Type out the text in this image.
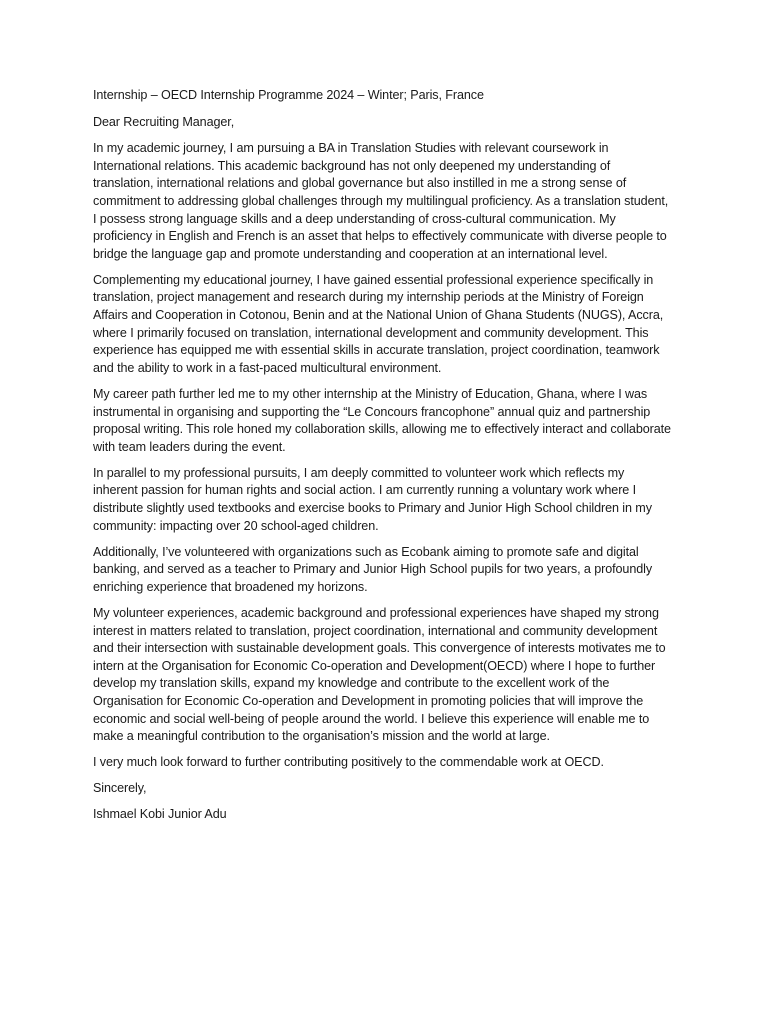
Internship – OECD Internship Programme 2024 – Winter; Paris, France

Dear Recruiting Manager,

In my academic journey, I am pursuing a BA in Translation Studies with relevant coursework in International relations. This academic background has not only deepened my understanding of translation, international relations and global governance but also instilled in me a strong sense of commitment to addressing global challenges through my multilingual proficiency. As a translation student, I possess strong language skills and a deep understanding of cross-cultural communication. My proficiency in English and French is an asset that helps to effectively communicate with diverse people to bridge the language gap and promote understanding and cooperation at an international level.

Complementing my educational journey, I have gained essential professional experience specifically in translation, project management and research during my internship periods at the Ministry of Foreign Affairs and Cooperation in Cotonou, Benin and at the National Union of Ghana Students (NUGS), Accra, where I primarily focused on translation, international development and community development. This experience has equipped me with essential skills in accurate translation, project coordination, teamwork and the ability to work in a fast-paced multicultural environment.

My career path further led me to my other internship at the Ministry of Education, Ghana, where I was instrumental in organising and supporting the “Le Concours francophone” annual quiz and partnership proposal writing. This role honed my collaboration skills, allowing me to effectively interact and collaborate with team leaders during the event.

In parallel to my professional pursuits, I am deeply committed to volunteer work which reflects my inherent passion for human rights and social action. I am currently running a voluntary work where I distribute slightly used textbooks and exercise books to Primary and Junior High School children in my community: impacting over 20 school-aged children.

Additionally, I’ve volunteered with organizations such as Ecobank aiming to promote safe and digital banking, and served as a teacher to Primary and Junior High School pupils for two years, a profoundly enriching experience that broadened my horizons.

My volunteer experiences, academic background and professional experiences have shaped my strong interest in matters related to translation, project coordination, international and community development and their intersection with sustainable development goals. This convergence of interests motivates me to intern at the Organisation for Economic Co-operation and Development(OECD) where I hope to further develop my translation skills, expand my knowledge and contribute to the excellent work of the Organisation for Economic Co-operation and Development in promoting policies that will improve the economic and social well-being of people around the world. I believe this experience will enable me to make a meaningful contribution to the organisation’s mission and the world at large.

I very much look forward to further contributing positively to the commendable work at OECD.

Sincerely,

Ishmael Kobi Junior Adu
